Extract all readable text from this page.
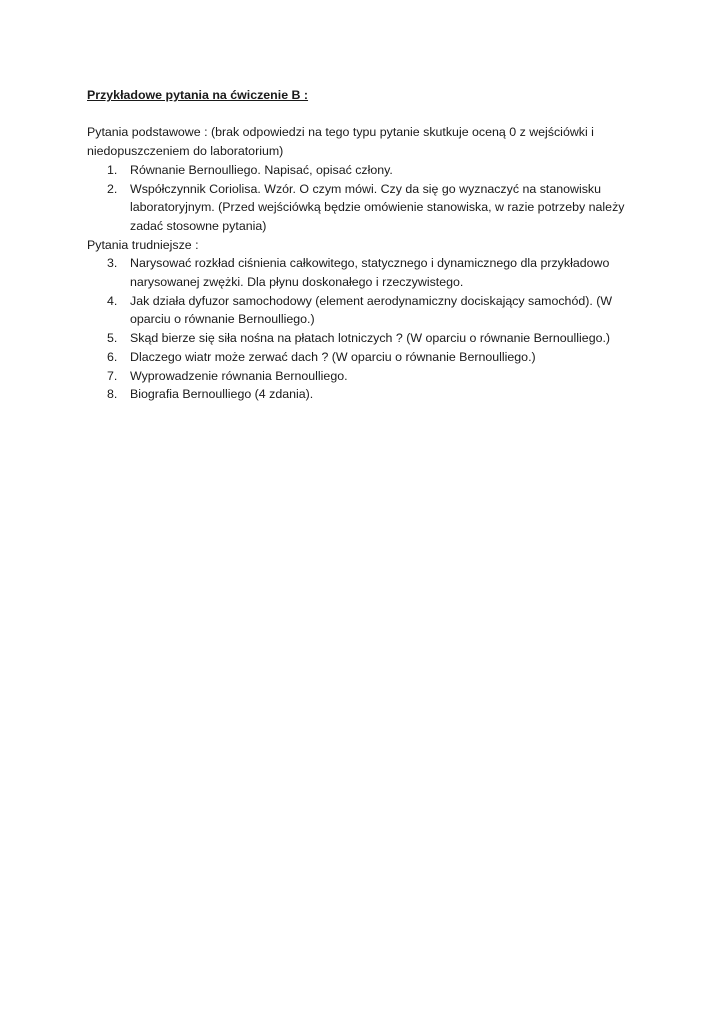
Przykładowe pytania na ćwiczenie B :

Pytania podstawowe : (brak odpowiedzi na tego typu pytanie skutkuje oceną 0 z wejściówki i niedopuszczeniem do laboratorium)

1. Równanie Bernoulliego. Napisać, opisać człony.
2. Współczynnik Coriolisa. Wzór. O czym mówi. Czy da się go wyznaczyć na stanowisku laboratoryjnym. (Przed wejściówką będzie omówienie stanowiska, w razie potrzeby należy zadać stosowne pytania)

Pytania trudniejsze :

3. Narysować rozkład ciśnienia całkowitego, statycznego i dynamicznego dla przykładowo narysowanej zwężki. Dla płynu doskonałego i rzeczywistego.
4. Jak działa dyfuzor samochodowy (element aerodynamiczny dociskający samochód). (W oparciu o równanie Bernoulliego.)
5. Skąd bierze się siła nośna na płatach lotniczych ? (W oparciu o równanie Bernoulliego.)
6. Dlaczego wiatr może zerwać dach ? (W oparciu o równanie Bernoulliego.)
7. Wyprowadzenie równania Bernoulliego.
8. Biografia Bernoulliego (4 zdania).
